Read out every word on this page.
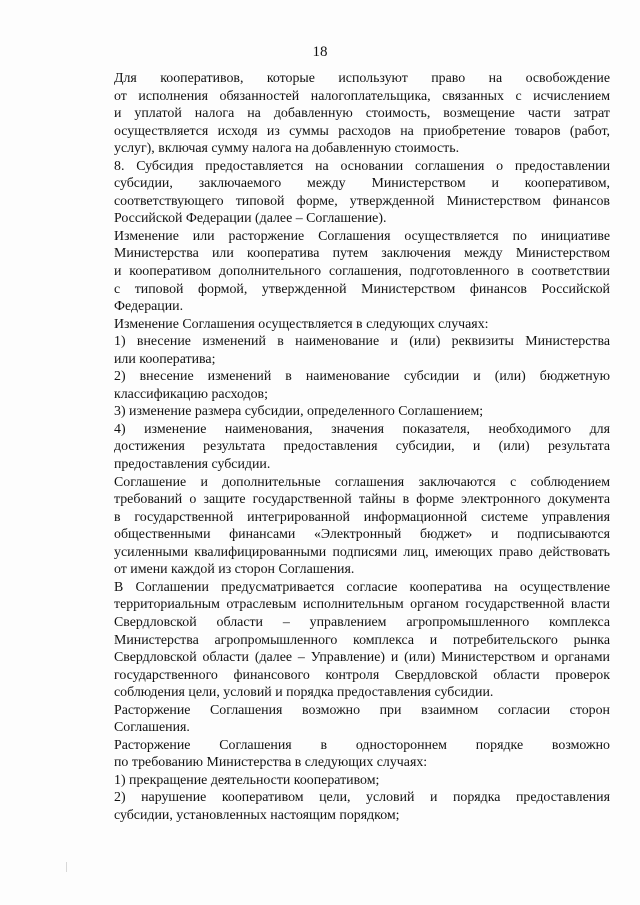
18

Для кооперативов, которые используют право на освобождение
от исполнения обязанностей налогоплательщика, связанных с исчислением
и уплатой налога на добавленную стоимость, возмещение части затрат
осуществляется исходя из суммы расходов на приобретение товаров (работ,
услуг), включая сумму налога на добавленную стоимость.

8. Субсидия предоставляется на основании соглашения о предоставлении
субсидии, заключаемого между Министерством и кооперативом,
соответствующего типовой форме, утвержденной Министерством финансов
Российской Федерации (далее – Соглашение).

Изменение или расторжение Соглашения осуществляется по инициативе
Министерства или кооператива путем заключения между Министерством
и кооперативом дополнительного соглашения, подготовленного в соответствии
с типовой формой, утвержденной Министерством финансов Российской
Федерации.

Изменение Соглашения осуществляется в следующих случаях:

1) внесение изменений в наименование и (или) реквизиты Министерства
или кооператива;

2) внесение изменений в наименование субсидии и (или) бюджетную
классификацию расходов;

3) изменение размера субсидии, определенного Соглашением;

4) изменение наименования, значения показателя, необходимого для
достижения результата предоставления субсидии, и (или) результата
предоставления субсидии.

Соглашение и дополнительные соглашения заключаются с соблюдением
требований о защите государственной тайны в форме электронного документа
в государственной интегрированной информационной системе управления
общественными финансами «Электронный бюджет» и подписываются
усиленными квалифицированными подписями лиц, имеющих право действовать
от имени каждой из сторон Соглашения.

В Соглашении предусматривается согласие кооператива на осуществление
территориальным отраслевым исполнительным органом государственной власти
Свердловской области – управлением агропромышленного комплекса
Министерства агропромышленного комплекса и потребительского рынка
Свердловской области (далее – Управление) и (или) Министерством и органами
государственного финансового контроля Свердловской области проверок
соблюдения цели, условий и порядка предоставления субсидии.

Расторжение Соглашения возможно при взаимном согласии сторон
Соглашения.

Расторжение Соглашения в одностороннем порядке возможно
по требованию Министерства в следующих случаях:

1) прекращение деятельности кооперативом;

2) нарушение кооперативом цели, условий и порядка предоставления
субсидии, установленных настоящим порядком;
